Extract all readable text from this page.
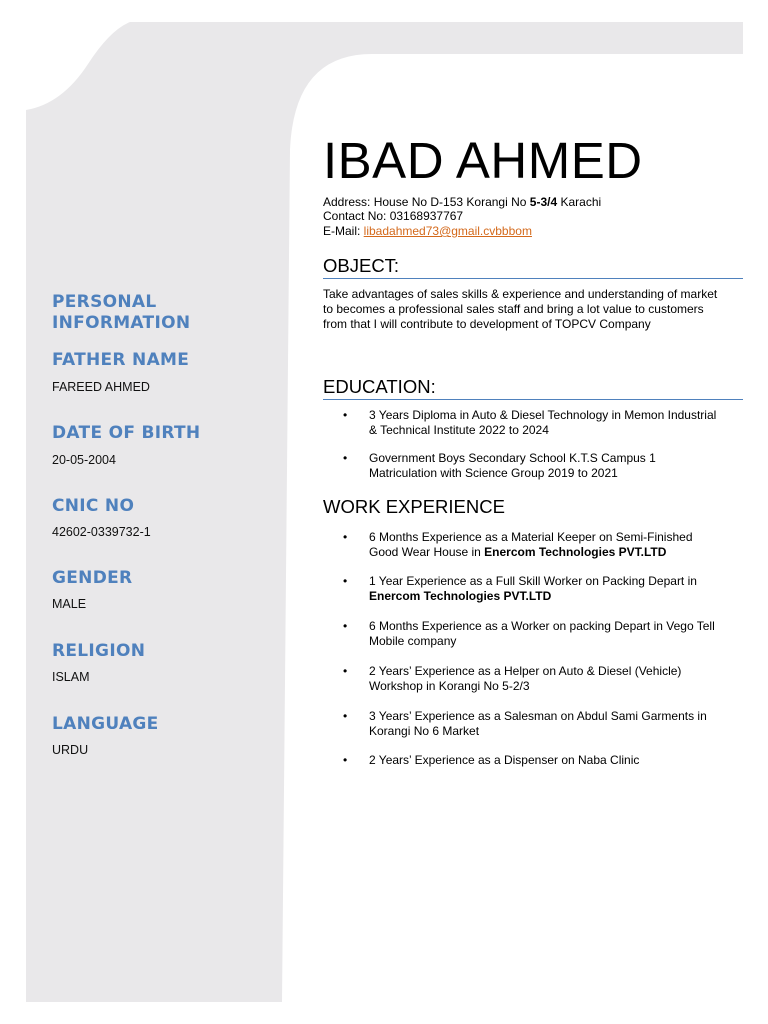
PERSONAL INFORMATION
FATHER NAME
FAREED AHMED
DATE OF BIRTH
20-05-2004
CNIC NO
42602-0339732-1
GENDER
MALE
RELIGION
ISLAM
LANGUAGE
URDU
IBAD AHMED
Address: House No D-153 Korangi No 5-3/4 Karachi
Contact No: 03168937767
E-Mail: libadahmed73@gmail.cvbbbom
OBJECT:
Take advantages of sales skills & experience and understanding of market to becomes a professional sales staff and bring a lot value to customers from that I will contribute to development of TOPCV Company
EDUCATION:
• 3 Years Diploma in Auto & Diesel Technology in Memon Industrial & Technical Institute 2022 to 2024
• Government Boys Secondary School K.T.S Campus 1 Matriculation with Science Group 2019 to 2021
WORK EXPERIENCE
• 6 Months Experience as a Material Keeper on Semi-Finished Good Wear House in Enercom Technologies PVT.LTD
• 1 Year Experience as a Full Skill Worker on Packing Depart in Enercom Technologies PVT.LTD
• 6 Months Experience as a Worker on packing Depart in Vego Tell Mobile company
• 2 Years’ Experience as a Helper on Auto & Diesel (Vehicle) Workshop in Korangi No 5-2/3
• 3 Years’ Experience as a Salesman on Abdul Sami Garments in Korangi No 6 Market
• 2 Years’ Experience as a Dispenser on Naba Clinic
